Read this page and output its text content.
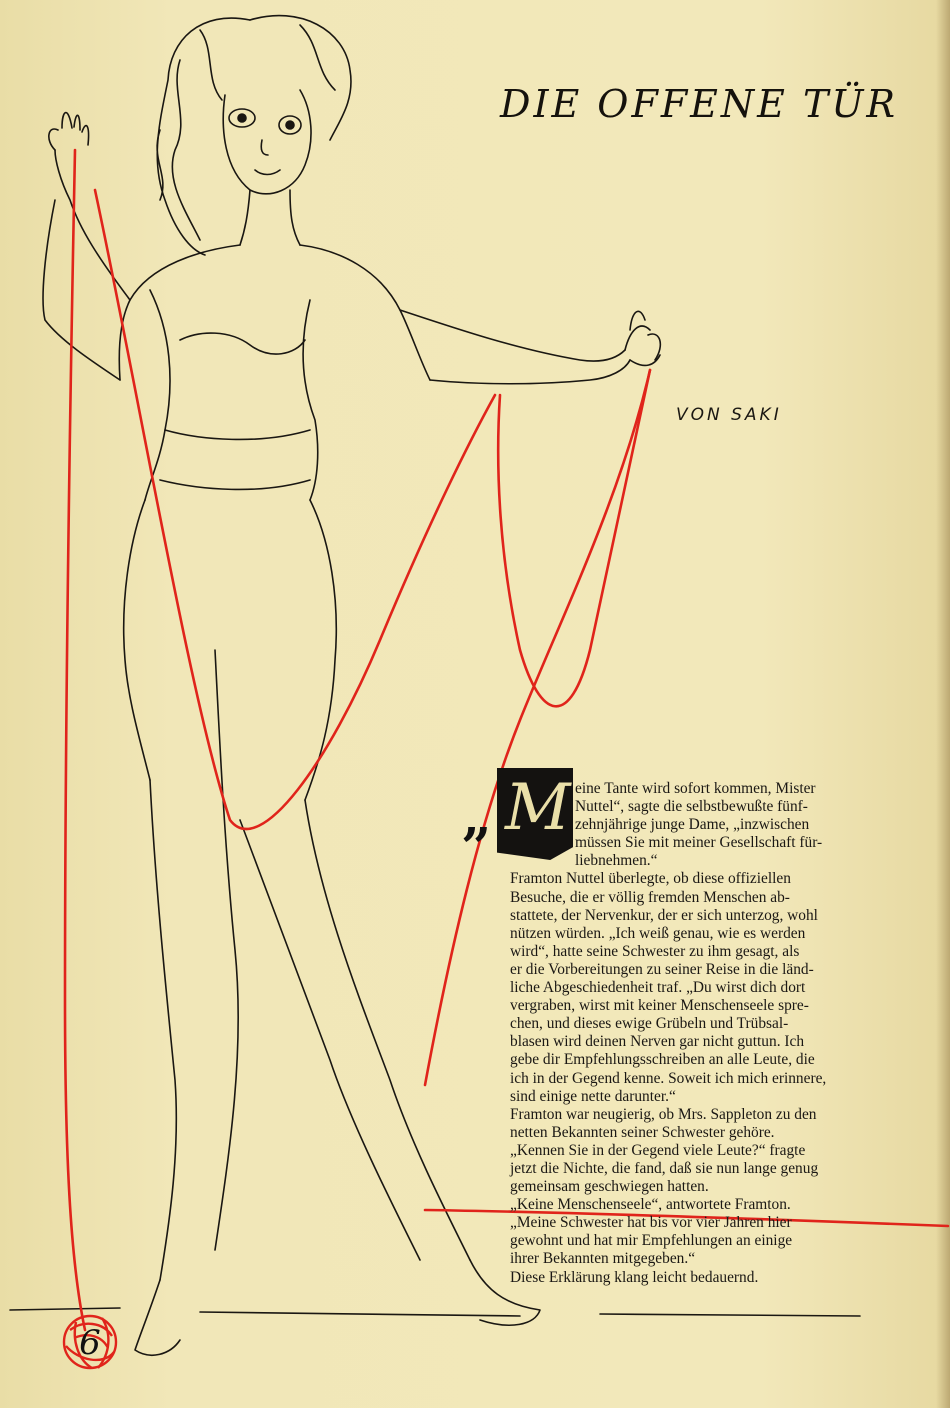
DIE OFFENE TÜR
VON SAKI
„ M eine Tante wird sofort kommen, Mister
Nuttel“, sagte die selbstbewußte fünf-
zehnjährige junge Dame, „inzwischen
müssen Sie mit meiner Gesellschaft für-
liebnehmen.“
Framton Nuttel überlegte, ob diese offiziellen
Besuche, die er völlig fremden Menschen ab-
stattete, der Nervenkur, der er sich unterzog, wohl
nützen würden. „Ich weiß genau, wie es werden
wird“, hatte seine Schwester zu ihm gesagt, als
er die Vorbereitungen zu seiner Reise in die länd-
liche Abgeschiedenheit traf. „Du wirst dich dort
vergraben, wirst mit keiner Menschenseele spre-
chen, und dieses ewige Grübeln und Trübsal-
blasen wird deinen Nerven gar nicht guttun. Ich
gebe dir Empfehlungsschreiben an alle Leute, die
ich in der Gegend kenne. Soweit ich mich erinnere,
sind einige nette darunter.“
Framton war neugierig, ob Mrs. Sappleton zu den
netten Bekannten seiner Schwester gehöre.
„Kennen Sie in der Gegend viele Leute?“ fragte
jetzt die Nichte, die fand, daß sie nun lange genug
gemeinsam geschwiegen hatten.
„Keine Menschenseele“, antwortete Framton.
„Meine Schwester hat bis vor vier Jahren hier
gewohnt und hat mir Empfehlungen an einige
ihrer Bekannten mitgegeben.“
Diese Erklärung klang leicht bedauernd.
6
